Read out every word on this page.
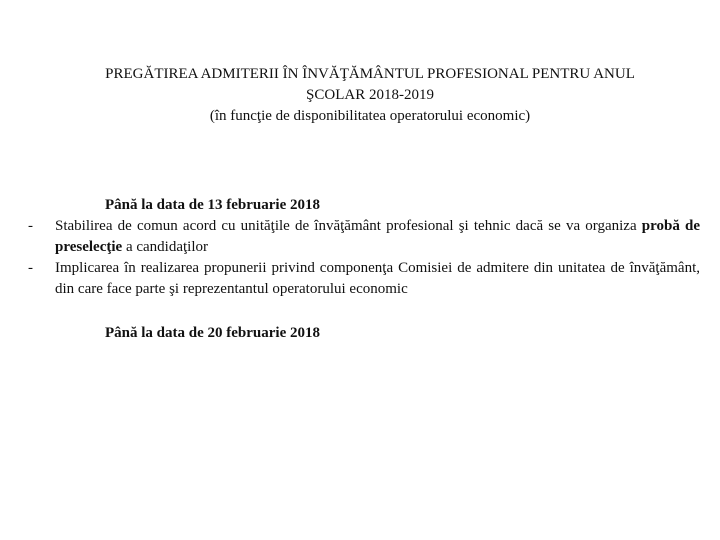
PREGĂTIREA ADMITERII ÎN ÎNVĂŢĂMÂNTUL PROFESIONAL PENTRU ANUL
ŞCOLAR 2018-2019
(în funcţie de disponibilitatea operatorului economic)
Până la data de 13 februarie 2018
- Stabilirea de comun acord cu unităţile de învăţământ profesional şi tehnic dacă se va organiza probă de preselecţie a candidaţilor
- Implicarea în realizarea propunerii privind componenţa Comisiei de admitere din unitatea de învăţământ, din care face parte şi reprezentantul operatorului economic
Până la data de 20 februarie 2018
